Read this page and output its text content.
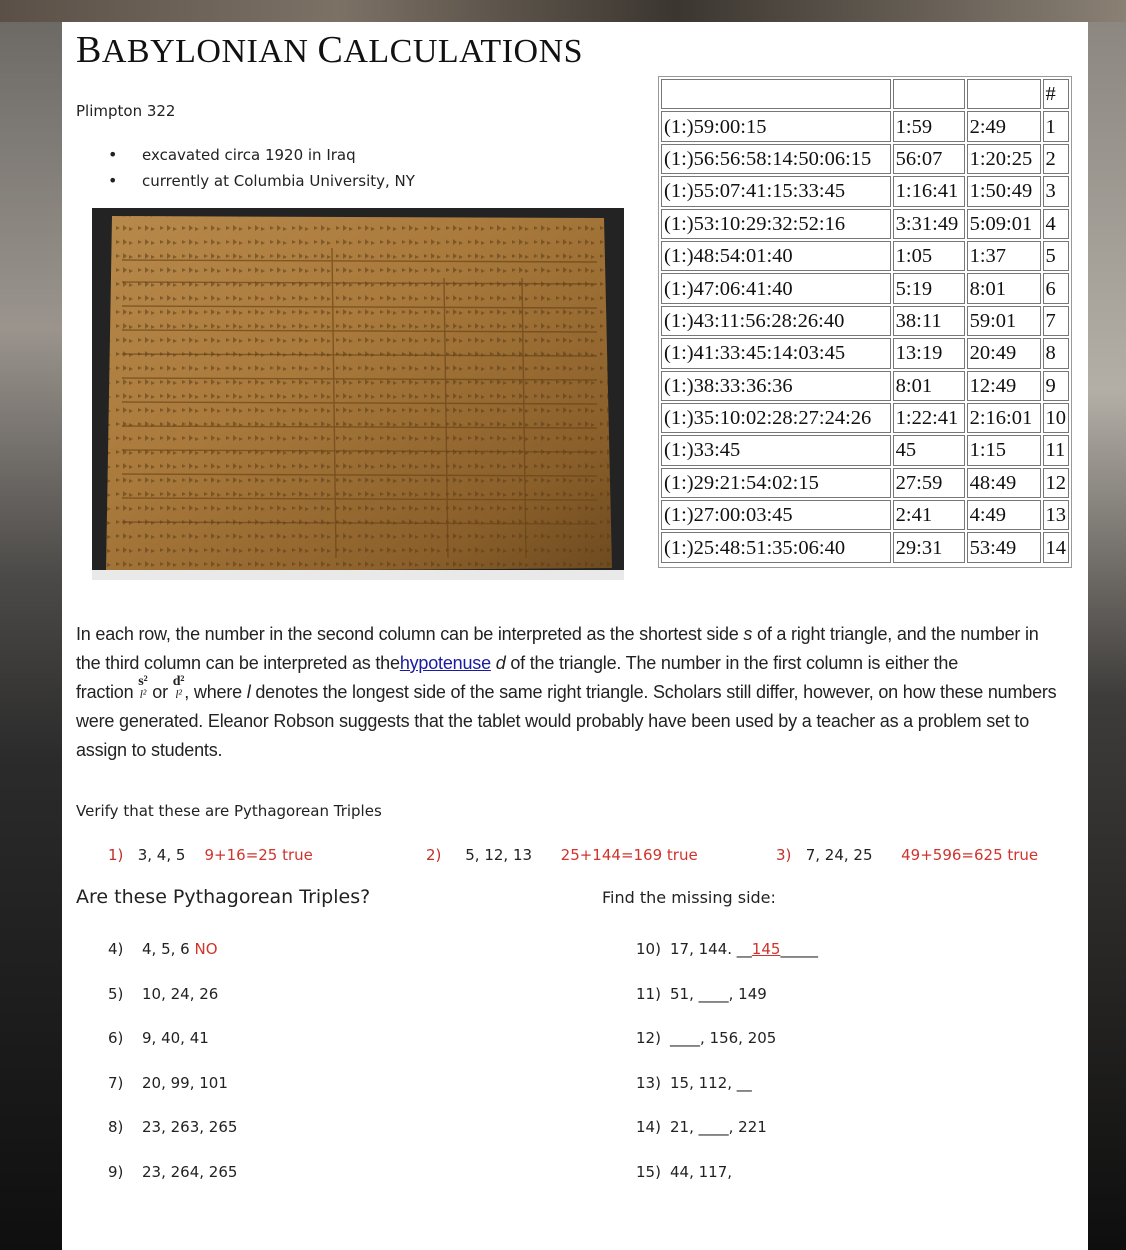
BABYLONIAN CALCULATIONS
Plimpton 322
• excavated circa 1920 in Iraq
• currently at Columbia University, NY
			#
(1:)59:00:15	1:59	2:49	1
(1:)56:56:58:14:50:06:15	56:07	1:20:25	2
(1:)55:07:41:15:33:45	1:16:41	1:50:49	3
(1:)53:10:29:32:52:16	3:31:49	5:09:01	4
(1:)48:54:01:40	1:05	1:37	5
(1:)47:06:41:40	5:19	8:01	6
(1:)43:11:56:28:26:40	38:11	59:01	7
(1:)41:33:45:14:03:45	13:19	20:49	8
(1:)38:33:36:36	8:01	12:49	9
(1:)35:10:02:28:27:24:26	1:22:41	2:16:01	10
(1:)33:45	45	1:15	11
(1:)29:21:54:02:15	27:59	48:49	12
(1:)27:00:03:45	2:41	4:49	13
(1:)25:48:51:35:06:40	29:31	53:49	14
In each row, the number in the second column can be interpreted as the shortest side s of a right triangle, and the number in the third column can be interpreted as thehypotenuse d of the triangle. The number in the first column is either the
fraction s²
l² or d²
l² , where l denotes the longest side of the same right triangle. Scholars still differ, however, on how these numbers were generated. Eleanor Robson suggests that the tablet would probably have been used by a teacher as a problem set to assign to students.
Verify that these are Pythagorean Triples
1) 3, 4, 5 9+16=25 true	2) 5, 12, 13 25+144=169 true	3) 7, 24, 25 49+596=625 true
Are these Pythagorean Triples?	Find the missing side:
4) 4, 5, 6 NO
5) 10, 24, 26
6) 9, 40, 41
7) 20, 99, 101
8) 23, 263, 265
9) 23, 264, 265
10) 17, 144. __145_____
11) 51, ____, 149
12) ____, 156, 205
13) 15, 112, __
14) 21, ____, 221
15) 44, 117,
